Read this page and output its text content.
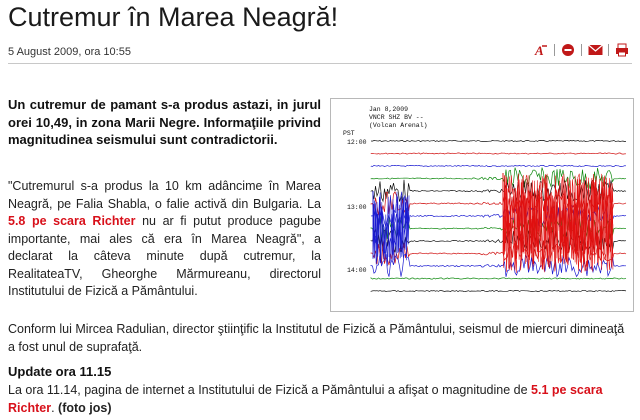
Cutremur în Marea Neagră!
5 August 2009, ora 10:55	A

Un cutremur de pamant s-a produs astazi, in jurul orei 10,49, in zona Marii Negre. Informaţiile privind magnitudinea seismului sunt contradictorii.

"Cutremurul s-a produs la 10 km adâncime în Marea Neagră, pe Falia Shabla, o falie activă din Bulgaria. La 5.8 pe scara Richter nu ar fi putut produce pagube importante, mai ales că era în Marea Neagră", a declarat la câteva minute după cutremur, la RealitateaTV, Gheorghe Mărmureanu, directorul Institutului de Fizică a Pământului.

Jan 8,2009
VNCR SHZ BV --
(Volcan Arenal)
PST
12:00
13:00
14:00

Conform lui Mircea Radulian, director ştiinţific la Institutul de Fizică a Pământului, seismul de miercuri dimineaţă a fost unul de suprafaţă.

Update ora 11.15

La ora 11.14, pagina de internet a Institutului de Fizică a Pământului a afişat o magnitudine de 5.1 pe scara Richter. (foto jos)
